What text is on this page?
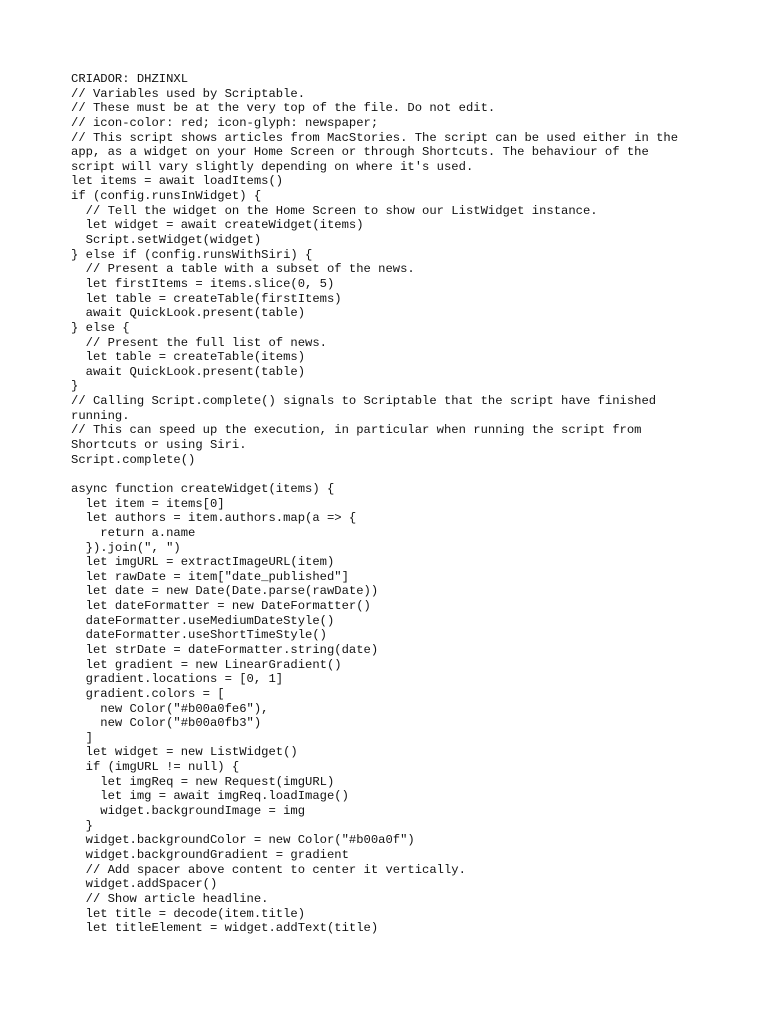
CRIADOR: DHZINXL
// Variables used by Scriptable.
// These must be at the very top of the file. Do not edit.
// icon-color: red; icon-glyph: newspaper;
// This script shows articles from MacStories. The script can be used either in the
app, as a widget on your Home Screen or through Shortcuts. The behaviour of the
script will vary slightly depending on where it's used.
let items = await loadItems()
if (config.runsInWidget) {
// Tell the widget on the Home Screen to show our ListWidget instance.
let widget = await createWidget(items)
Script.setWidget(widget)
} else if (config.runsWithSiri) {
// Present a table with a subset of the news.
let firstItems = items.slice(0, 5)
let table = createTable(firstItems)
await QuickLook.present(table)
} else {
// Present the full list of news.
let table = createTable(items)
await QuickLook.present(table)
}
// Calling Script.complete() signals to Scriptable that the script have finished
running.
// This can speed up the execution, in particular when running the script from
Shortcuts or using Siri.
Script.complete()
async function createWidget(items) {
let item = items[0]
let authors = item.authors.map(a => {
return a.name
}).join(", ")
let imgURL = extractImageURL(item)
let rawDate = item["date_published"]
let date = new Date(Date.parse(rawDate))
let dateFormatter = new DateFormatter()
dateFormatter.useMediumDateStyle()
dateFormatter.useShortTimeStyle()
let strDate = dateFormatter.string(date)
let gradient = new LinearGradient()
gradient.locations = [0, 1]
gradient.colors = [
new Color("#b00a0fe6"),
new Color("#b00a0fb3")
]
let widget = new ListWidget()
if (imgURL != null) {
let imgReq = new Request(imgURL)
let img = await imgReq.loadImage()
widget.backgroundImage = img
}
widget.backgroundColor = new Color("#b00a0f")
widget.backgroundGradient = gradient
// Add spacer above content to center it vertically.
widget.addSpacer()
// Show article headline.
let title = decode(item.title)
let titleElement = widget.addText(title)
